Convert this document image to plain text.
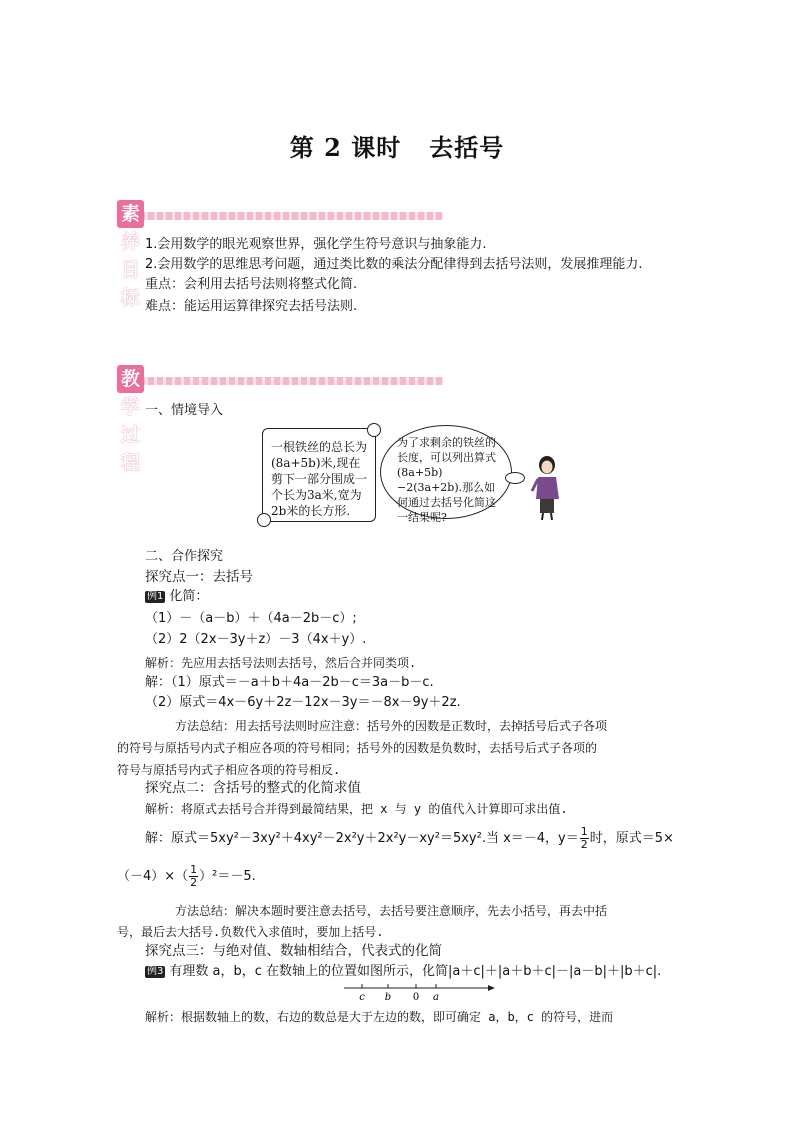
第 2 课时 去括号
素养目标
1.会用数学的眼光观察世界，强化学生符号意识与抽象能力.
2.会用数学的思维思考问题，通过类比数的乘法分配律得到去括号法则，发展推理能力.
重点：会利用去括号法则将整式化简.
难点：能运用运算律探究去括号法则.
教学过程
一、情境导入
一根铁丝的总长为(8a+5b)米,现在剪下一部分围成一个长为3a米,宽为2b米的长方形.
为了求剩余的铁丝的长度，可以列出算式(8a+5b)−2(3a+2b).那么如何通过去括号化简这一结果呢?
二、合作探究
探究点一：去括号
例1 化简：
（1）－（a－b）＋（4a－2b－c）;
（2）2（2x－3y＋z）－3（4x＋y）.
解析：先应用去括号法则去括号，然后合并同类项.
解：（1）原式＝－a＋b＋4a－2b－c＝3a－b－c.
（2）原式＝4x－6y＋2z－12x－3y＝－8x－9y＋2z.
方法总结：用去括号法则时应注意：括号外的因数是正数时，去掉括号后式子各项
的符号与原括号内式子相应各项的符号相同；括号外的因数是负数时，去括号后式子各项的
符号与原括号内式子相应各项的符号相反.
探究点二：含括号的整式的化简求值
解析：将原式去括号合并得到最简结果，把 x 与 y 的值代入计算即可求出值.
解：原式＝5xy²－3xy²＋4xy²－2x²y＋2x²y－xy²＝5xy².当 x＝－4，$y= \frac{1}{2}$ 时，原式＝5×
$(-4)\times( \frac{1}{2} )^2=-5$.
方法总结：解决本题时要注意去括号，去括号要注意顺序，先去小括号，再去中括
号，最后去大括号.负数代入求值时，要加上括号.
探究点三：与绝对值、数轴相结合，代表式的化简
例3 有理数 a，b，c 在数轴上的位置如图所示，化简|a＋c|＋|a＋b＋c|－|a－b|＋|b＋c|.
c b 0 a
解析：根据数轴上的数，右边的数总是大于左边的数，即可确定 a，b，c 的符号，进而
